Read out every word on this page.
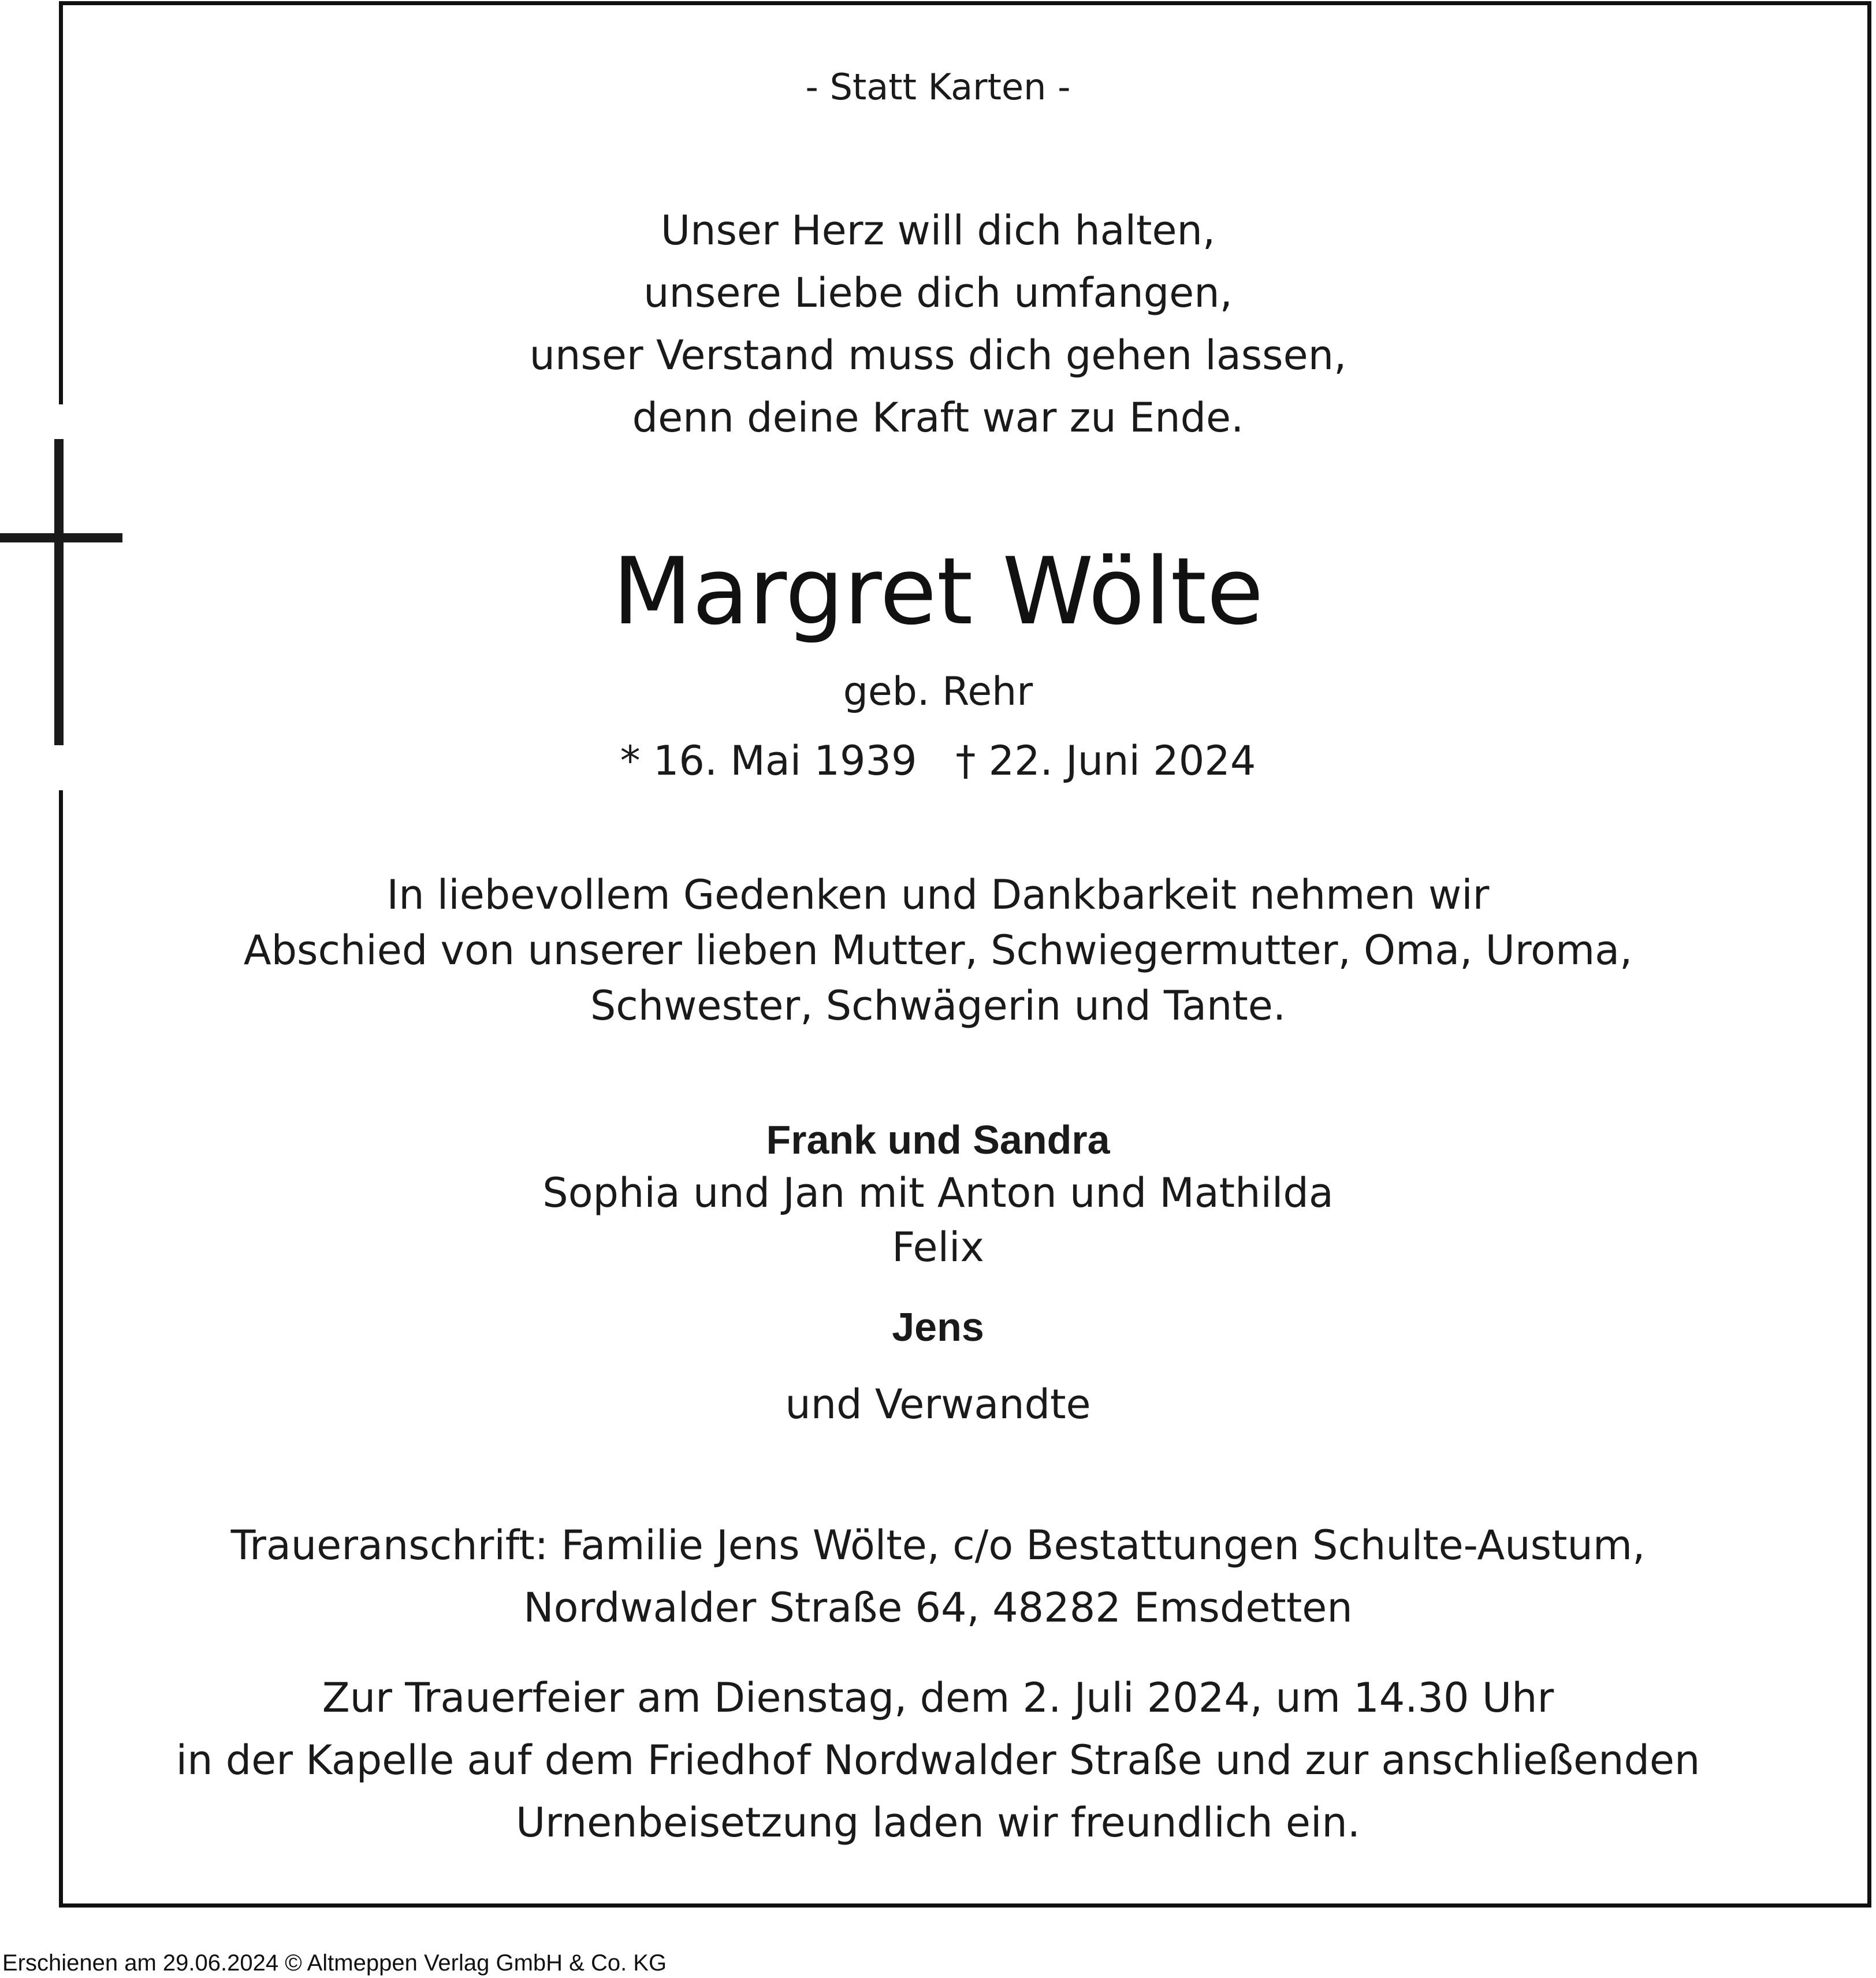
- Statt Karten -
Unser Herz will dich halten,
unsere Liebe dich umfangen,
unser Verstand muss dich gehen lassen,
denn deine Kraft war zu Ende.
Margret Wölte
geb. Rehr
* 16. Mai 1939   † 22. Juni 2024
In liebevollem Gedenken und Dankbarkeit nehmen wir
Abschied von unserer lieben Mutter, Schwiegermutter, Oma, Uroma,
Schwester, Schwägerin und Tante.
Frank und Sandra
Sophia und Jan mit Anton und Mathilda
Felix
Jens
und Verwandte
Traueranschrift: Familie Jens Wölte, c/o Bestattungen Schulte-Austum,
Nordwalder Straße 64, 48282 Emsdetten
Zur Trauerfeier am Dienstag, dem 2. Juli 2024, um 14.30 Uhr
in der Kapelle auf dem Friedhof Nordwalder Straße und zur anschließenden
Urnenbeisetzung laden wir freundlich ein.
Erschienen am 29.06.2024 © Altmeppen Verlag GmbH & Co. KG
